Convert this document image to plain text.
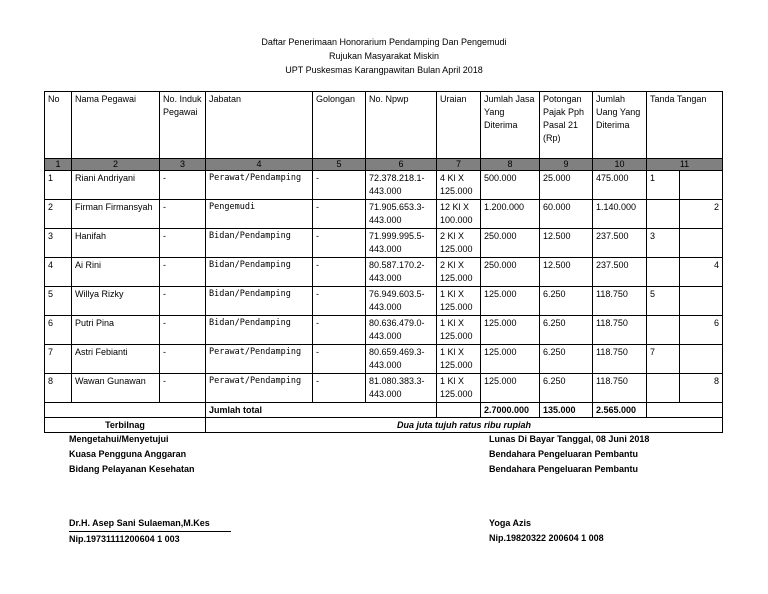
Daftar Penerimaan Honorarium Pendamping Dan Pengemudi
Rujukan Masyarakat Miskin
UPT Puskesmas Karangpawitan Bulan April 2018
No	Nama Pegawai	No. Induk Pegawai	Jabatan	Golongan	No. Npwp	Uraian	Jumlah Jasa Yang Diterima	Potongan Pajak Pph Pasal 21 (Rp)	Jumlah Uang Yang Diterima	Tanda Tangan	
1	2	3	4	5	6	7	8	9	10	11	
1	Riani Andriyani	-	Perawat/Pendamping	-	72.378.218.1- 443.000	4 Kl X 125.000	500.000	25.000	475.000	1	
2	Firman Firmansyah	-	Pengemudi	-	71.905.653.3- 443.000	12 Kl X 100.000	1.200.000	60.000	1.140.000		2
3	Hanifah	-	Bidan/Pendamping	-	71.999.995.5- 443.000	2 Kl X 125.000	250.000	12.500	237.500	3	
4	Ai Rini	-	Bidan/Pendamping	-	80.587.170.2- 443.000	2 Kl X 125.000	250.000	12.500	237.500		4
5	Willya Rizky	-	Bidan/Pendamping	-	76.949.603.5- 443.000	1 Kl X 125.000	125.000	6.250	118.750	5	
6	Putri Pina	-	Bidan/Pendamping	-	80.636.479.0- 443.000	1 Kl X 125.000	125.000	6.250	118.750		6
7	Astri Febianti	-	Perawat/Pendamping	-	80.659.469.3- 443.000	1 Kl X 125.000	125.000	6.250	118.750	7	
8	Wawan Gunawan	-	Perawat/Pendamping	-	81.080.383.3- 443.000	1 Kl X 125.000	125.000	6.250	118.750		8
			Jumlah total				2.7000.000	135.000	2.565.000		
Terbilnag			Dua juta tujuh ratus ribu rupiah								
Mengetahui/Menyetujui
Kuasa Pengguna Anggaran
Bidang Pelayanan Kesehatan
Dr.H. Asep Sani Sulaeman,M.Kes
Nip.19731111200604 1 003
Lunas Di Bayar Tanggal, 08 Juni 2018
Bendahara Pengeluaran Pembantu
Bendahara Pengeluaran Pembantu
Yoga Azis
Nip.19820322 200604 1 008
